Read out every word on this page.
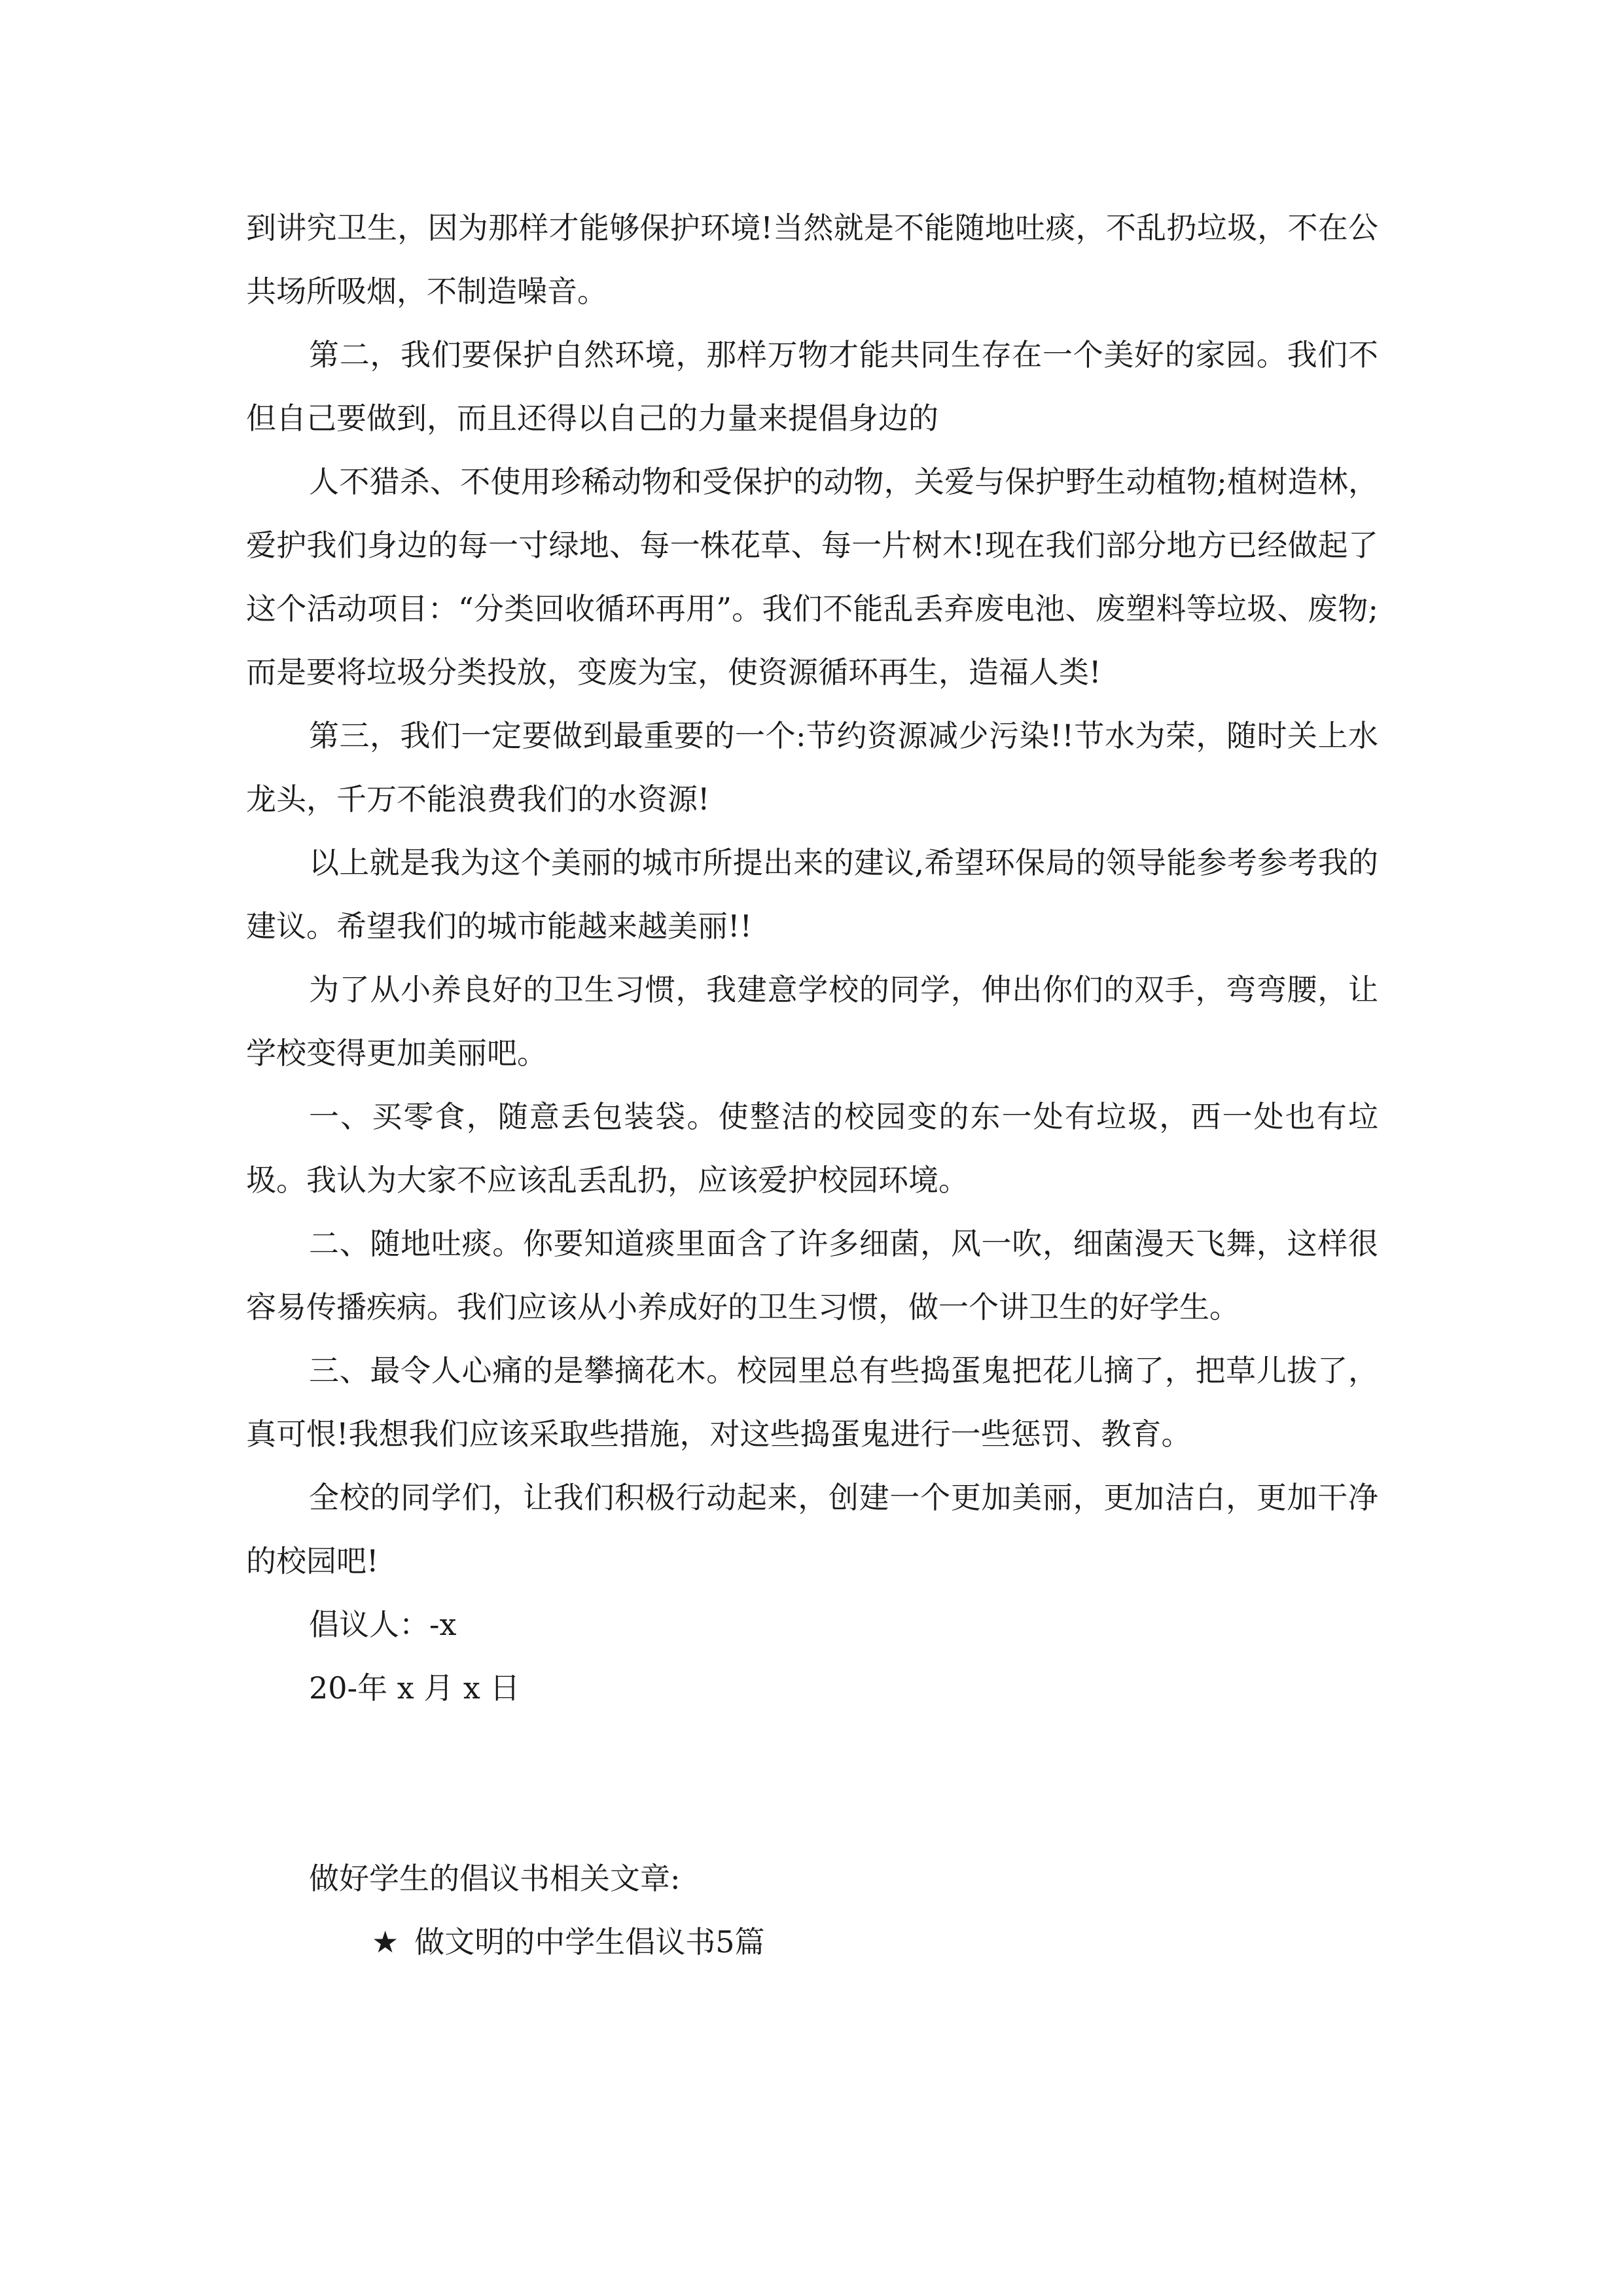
到讲究卫生，因为那样才能够保护环境!当然就是不能随地吐痰，不乱扔垃圾，不在公共场所吸烟，不制造噪音。

第二，我们要保护自然环境，那样万物才能共同生存在一个美好的家园。我们不但自己要做到，而且还得以自己的力量来提倡身边的

人不猎杀、不使用珍稀动物和受保护的动物，关爱与保护野生动植物;植树造林，爱护我们身边的每一寸绿地、每一株花草、每一片树木!现在我们部分地方已经做起了这个活动项目：“分类回收循环再用”。我们不能乱丢弃废电池、废塑料等垃圾、废物;而是要将垃圾分类投放，变废为宝，使资源循环再生，造福人类!

第三，我们一定要做到最重要的一个:节约资源减少污染!!节水为荣，随时关上水龙头，千万不能浪费我们的水资源!

以上就是我为这个美丽的城市所提出来的建议,希望环保局的领导能参考参考我的建议。希望我们的城市能越来越美丽!!

为了从小养良好的卫生习惯，我建意学校的同学，伸出你们的双手，弯弯腰，让学校变得更加美丽吧。

一、买零食，随意丢包装袋。使整洁的校园变的东一处有垃圾，西一处也有垃圾。我认为大家不应该乱丢乱扔，应该爱护校园环境。

二、随地吐痰。你要知道痰里面含了许多细菌，风一吹，细菌漫天飞舞，这样很容易传播疾病。我们应该从小养成好的卫生习惯，做一个讲卫生的好学生。

三、最令人心痛的是攀摘花木。校园里总有些捣蛋鬼把花儿摘了，把草儿拔了，真可恨!我想我们应该采取些措施，对这些捣蛋鬼进行一些惩罚、教育。

全校的同学们，让我们积极行动起来，创建一个更加美丽，更加洁白，更加干净的校园吧!

倡议人：-x

20-年 x 月 x 日

做好学生的倡议书相关文章:

★ 做文明的中学生倡议书5篇
